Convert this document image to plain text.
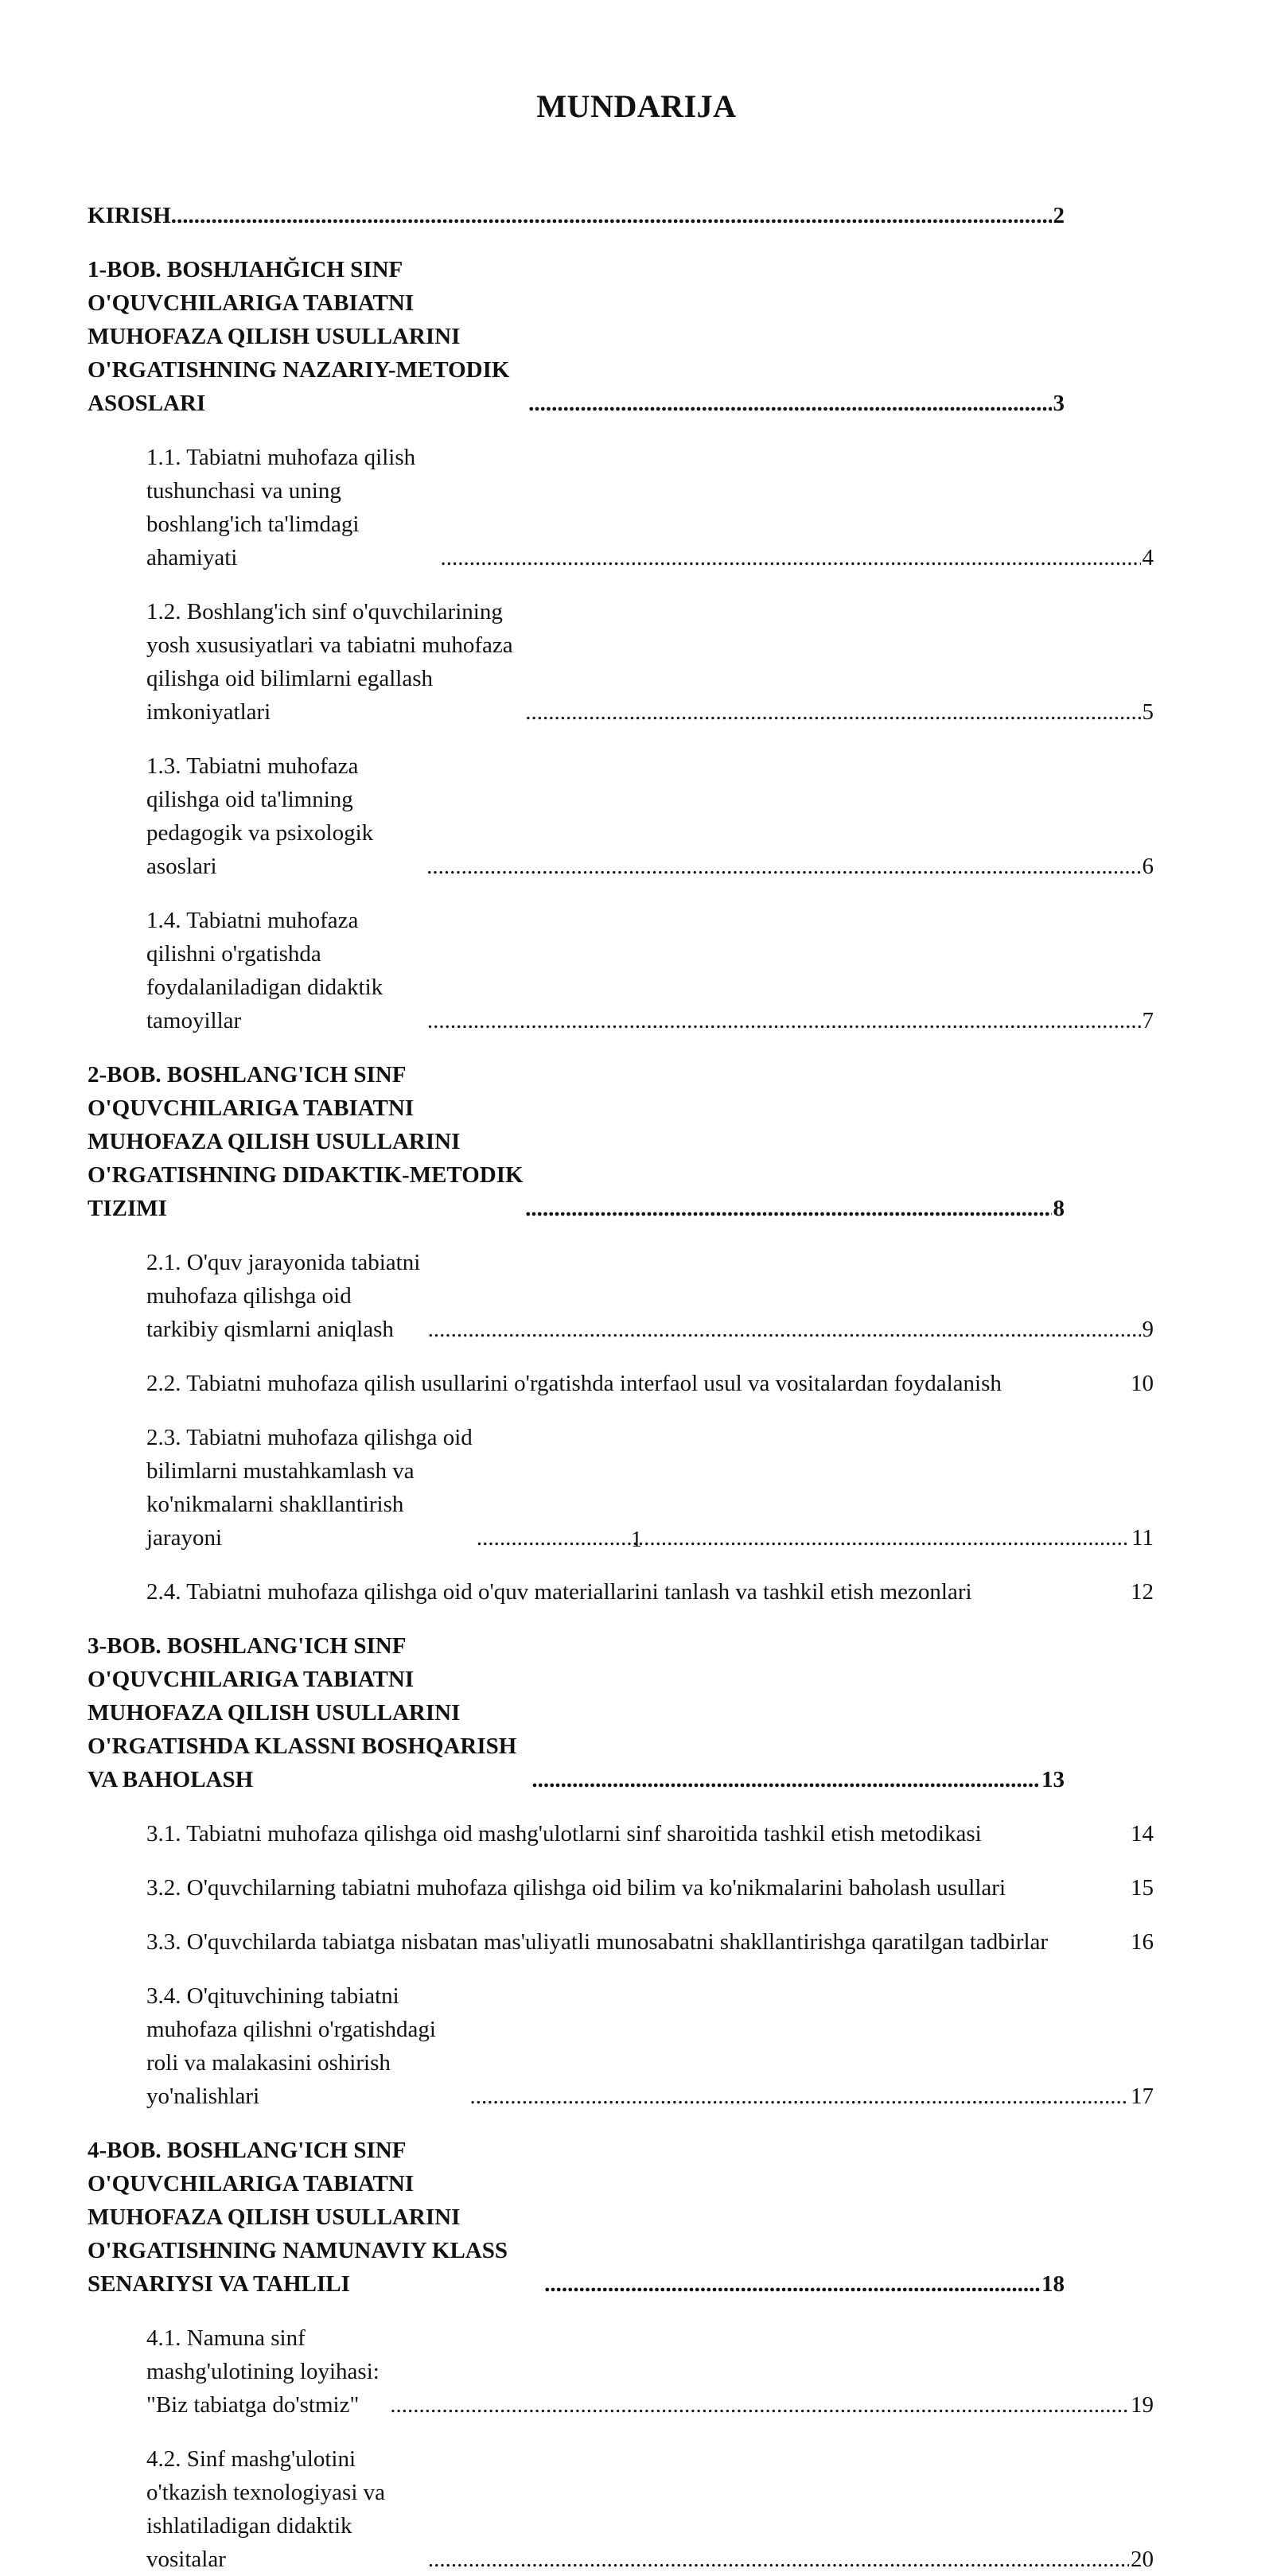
MUNDARIJA
KIRISH .....	2
1-BOB. BOSHЛAHĞICH SINF O'QUVCHILARIGA TABIATNI MUHOFAZA QILISH USULLARINI O'RGATISHNING NAZARIY-METODIK ASOSLARI .....	3
1.1. Tabiatni muhofaza qilish tushunchasi va uning boshlang'ich ta'limdagi ahamiyati .....	4
1.2. Boshlang'ich sinf o'quvchilarining yosh xususiyatlari va tabiatni muhofaza qilishga oid bilimlarni egallash imkoniyatlari .....	5
1.3. Tabiatni muhofaza qilishga oid ta'limning pedagogik va psixologik asoslari .....	6
1.4. Tabiatni muhofaza qilishni o'rgatishda foydalaniladigan didaktik tamoyillar .....	7
2-BOB. BOSHLANG'ICH SINF O'QUVCHILARIGA TABIATNI MUHOFAZA QILISH USULLARINI O'RGATISHNING DIDAKTIK-METODIK TIZIMI .....	8
2.1. O'quv jarayonida tabiatni muhofaza qilishga oid tarkibiy qismlarni aniqlash .....	9
2.2. Tabiatni muhofaza qilish usullarini o'rgatishda interfaol usul va vositalardan foydalanish	10
2.3. Tabiatni muhofaza qilishga oid bilimlarni mustahkamlash va ko'nikmalarni shakllantirish jarayoni .....	11
2.4. Tabiatni muhofaza qilishga oid o'quv materiallarini tanlash va tashkil etish mezonlari	12
3-BOB. BOSHLANG'ICH SINF O'QUVCHILARIGA TABIATNI MUHOFAZA QILISH USULLARINI O'RGATISHDA KLASSNI BOSHQARISH VA BAHOLASH .....	13
3.1. Tabiatni muhofaza qilishga oid mashg'ulotlarni sinf sharoitida tashkil etish metodikasi	14
3.2. O'quvchilarning tabiatni muhofaza qilishga oid bilim va ko'nikmalarini baholash usullari	15
3.3. O'quvchilarda tabiatga nisbatan mas'uliyatli munosabatni shakllantirishga qaratilgan tadbirlar	16
3.4. O'qituvchining tabiatni muhofaza qilishni o'rgatishdagi roli va malakasini oshirish yo'nalishlari .....	17
4-BOB. BOSHLANG'ICH SINF O'QUVCHILARIGA TABIATNI MUHOFAZA QILISH USULLARINI O'RGATISHNING NAMUNAVIY KLASS SENARIYSI VA TAHLILI .....	18
4.1. Namuna sinf mashg'ulotining loyihasi: "Biz tabiatga do'stmiz" .....	19
4.2. Sinf mashg'ulotini o'tkazish texnologiyasi va ishlatiladigan didaktik vositalar .....	20
1
